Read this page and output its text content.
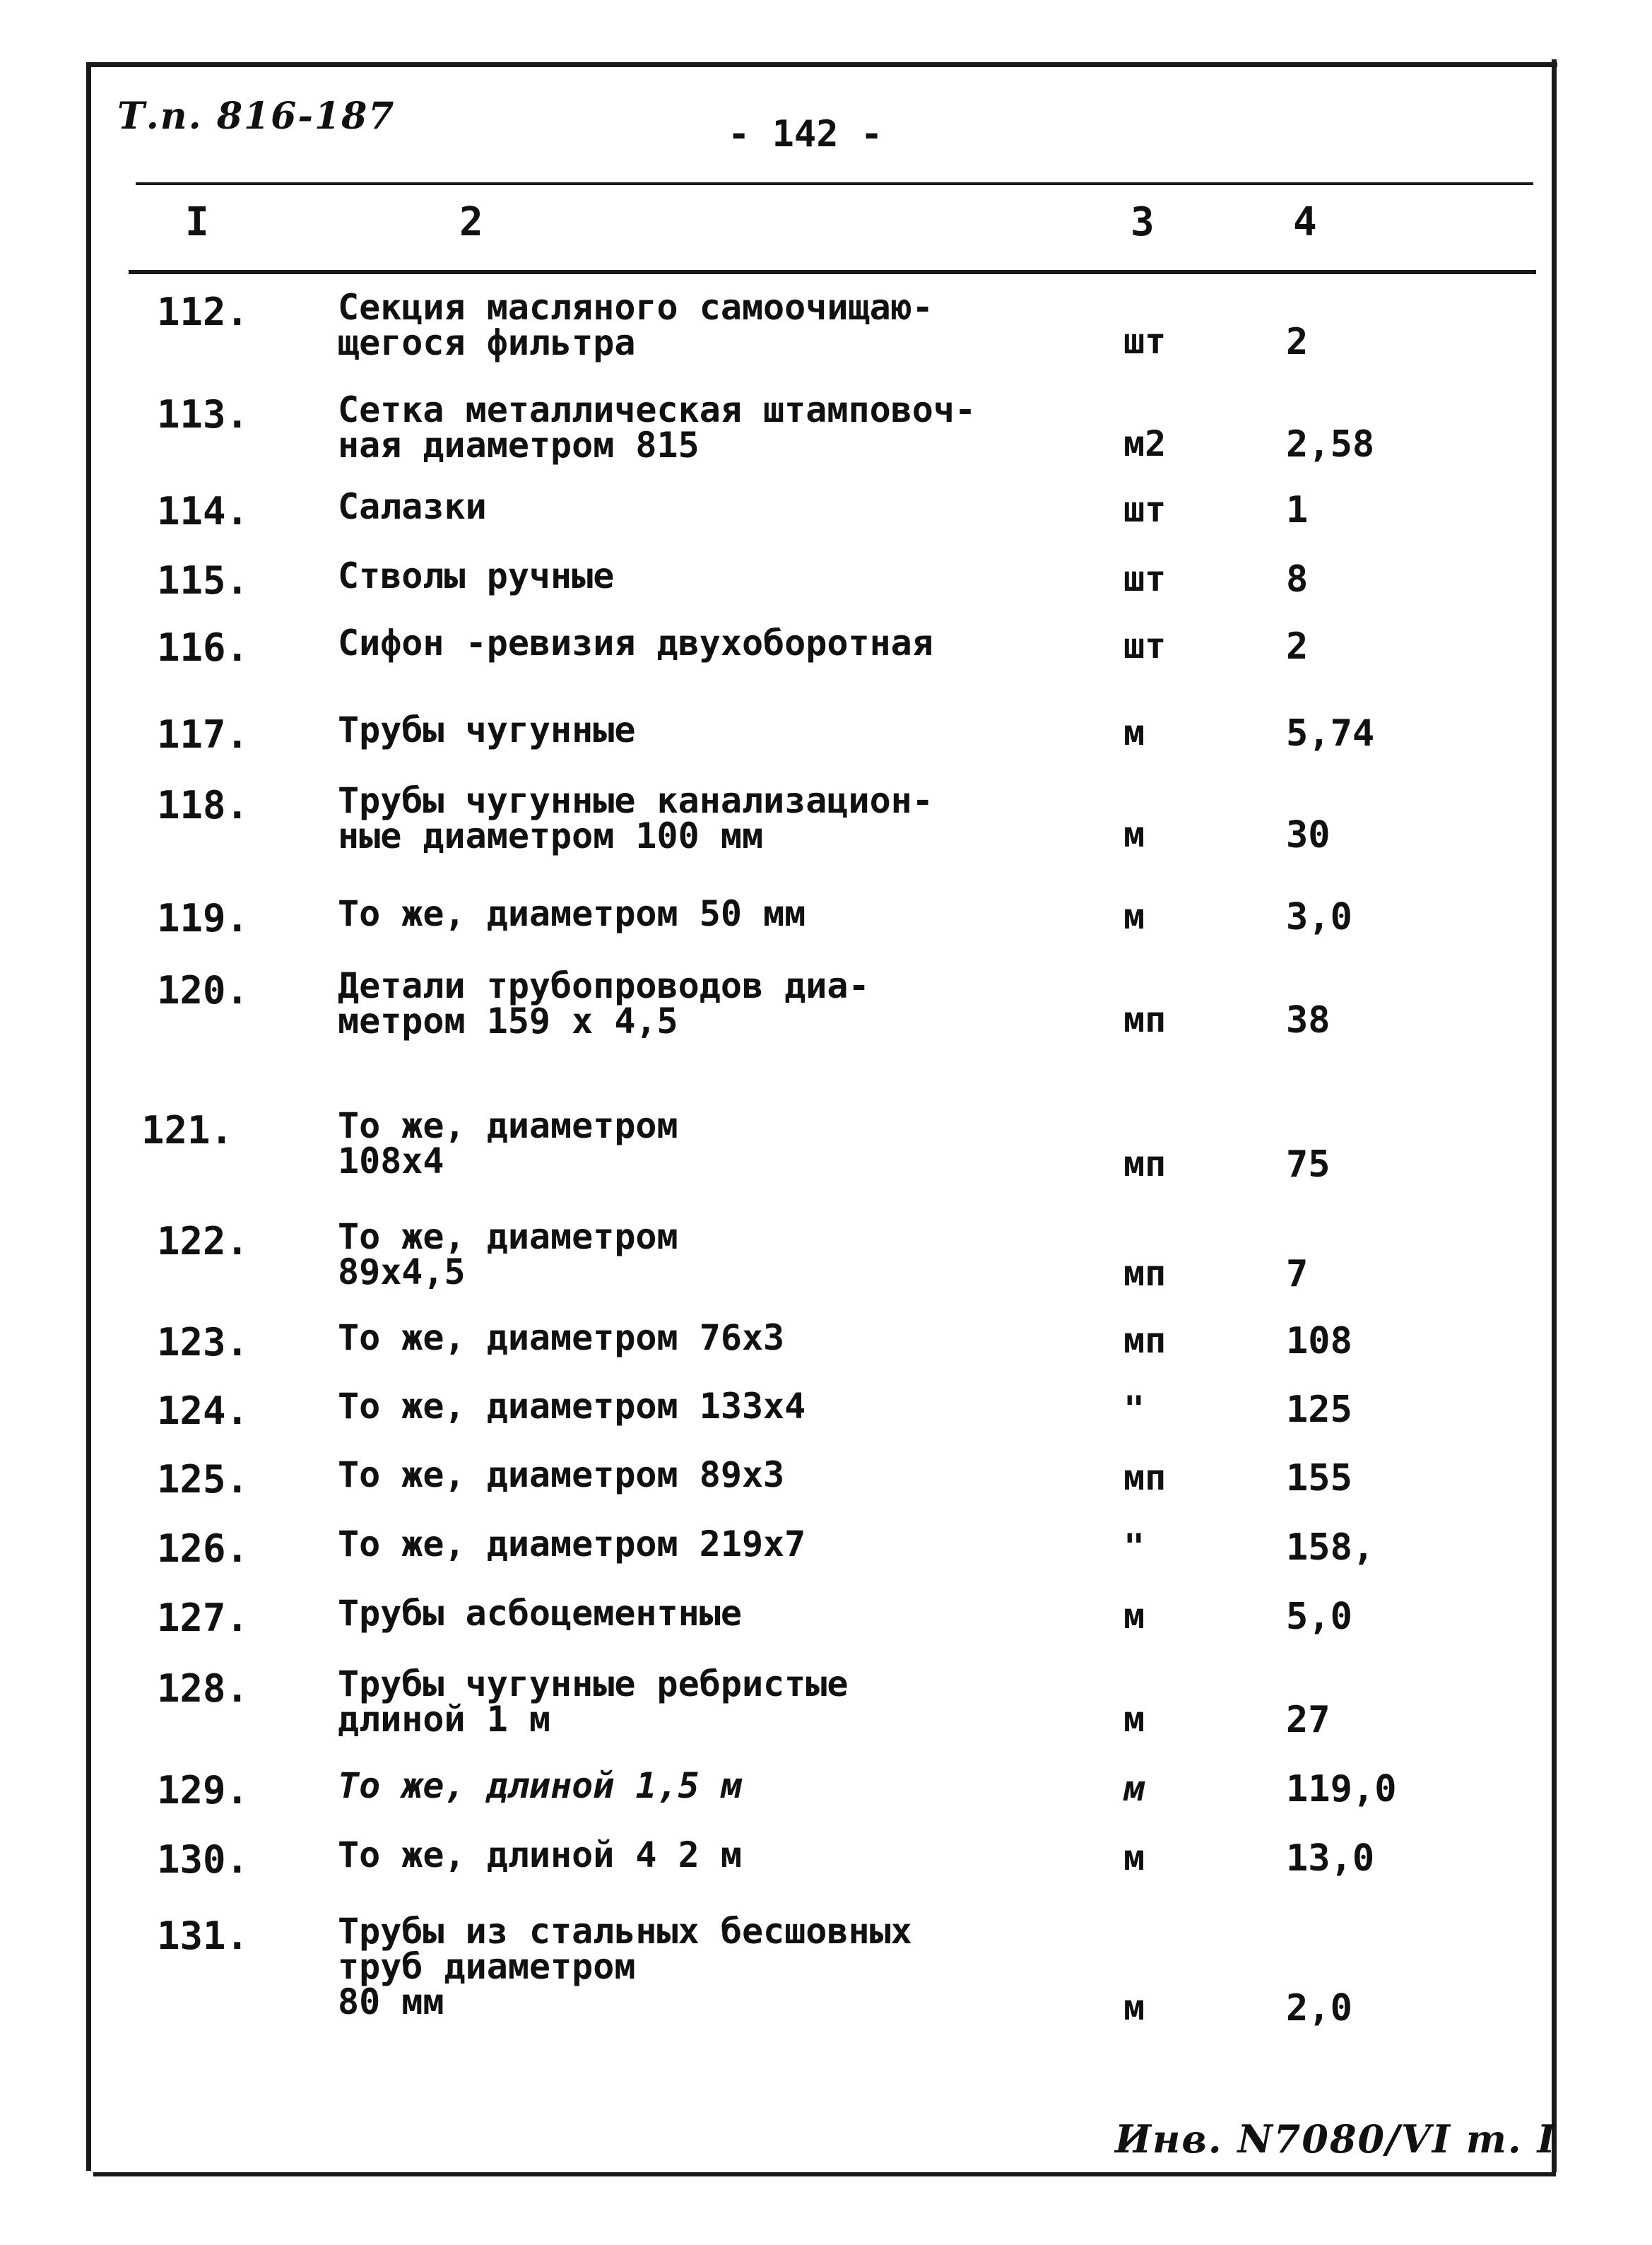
Т.п. 816-187	- 142 -
I	2	3	4
112.	Секция масляного самоочищаю-
щегося фильтра	шт	2
113.	Сетка металлическая штамповоч-
ная диаметром 815	м2	2,58
114.	Салазки	шт	1
115.	Стволы ручные	шт	8
116.	Сифон -ревизия двухоборотная	шт	2
117.	Трубы чугунные	м	5,74
118.	Трубы чугунные канализацион-
ные диаметром 100 мм	м	30
119.	То же, диаметром 50 мм	м	3,0
120.	Детали трубопроводов диа-
метром 159 х 4,5	мп	38
121.	То же, диаметром
108х4	мп	75
122.	То же, диаметром
89х4,5	мп	7
123.	То же, диаметром 76х3	мп	108
124.	То же, диаметром 133х4	"	125
125.	То же, диаметром 89х3	мп	155
126.	То же, диаметром 219х7	"	158,
127.	Трубы асбоцементные	м	5,0
128.	Трубы чугунные ребристые
длиной 1 м	м	27
129.	То же, длиной 1,5 м	м	119,0
130.	То же, длиной 4 2 м	м	13,0
131.	Трубы из стальных бесшовных
труб диаметром
80 мм	м	2,0
Инв. N7080/VI т. I
